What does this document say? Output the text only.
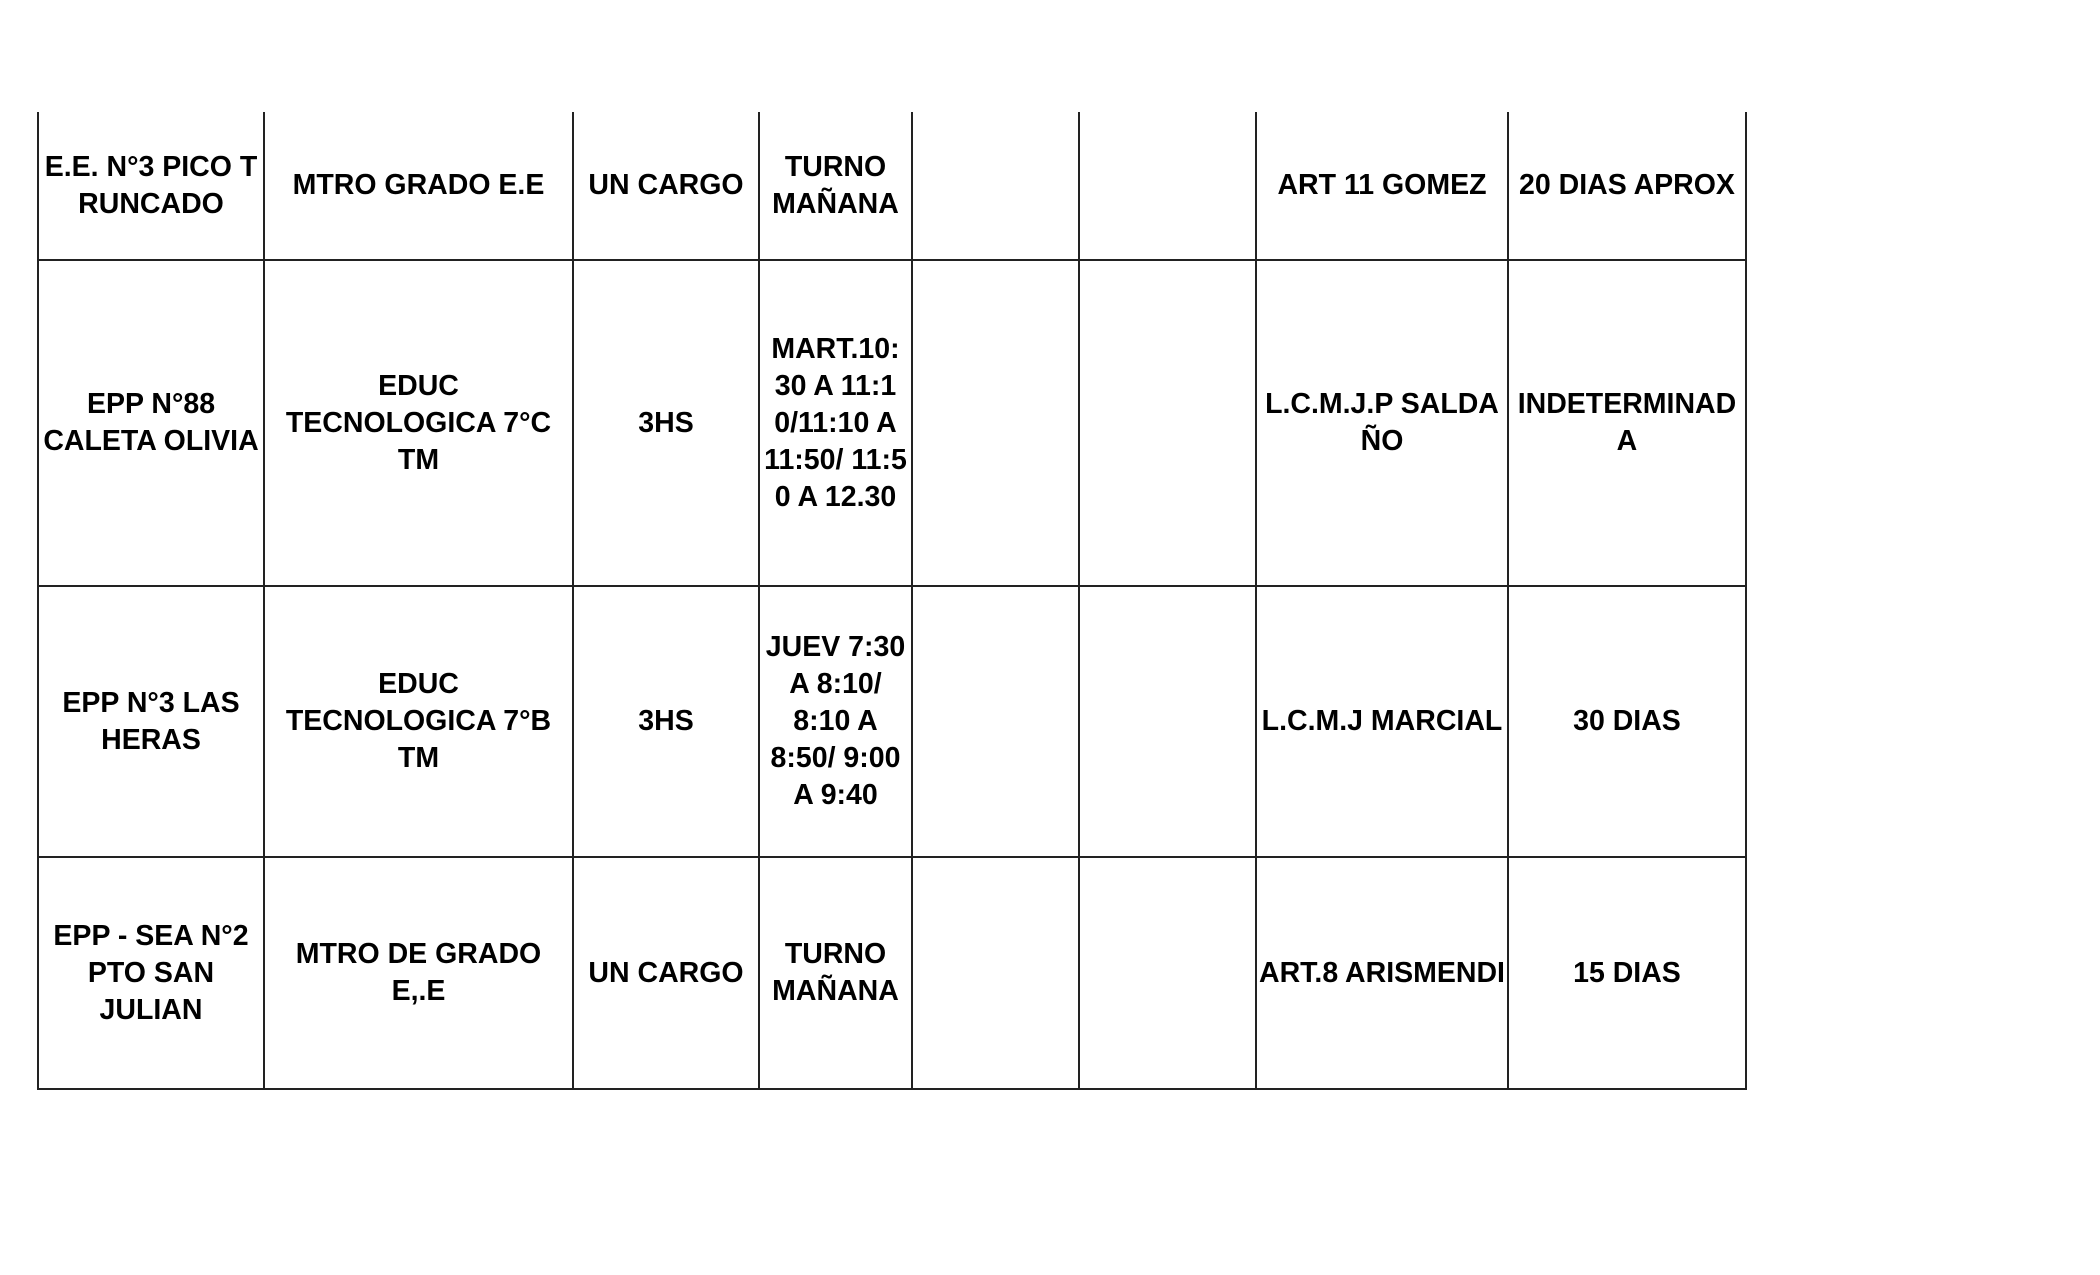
E.E. N°3 PICO TRUNCADO	MTRO GRADO E.E	UN CARGO	TURNO MAÑANA			ART 11 GOMEZ	20 DIAS APROX
EPP N°88 CALETA OLIVIA	EDUC TECNOLOGICA 7°C TM	3HS	MART.10:30 A 11:10/11:10 A 11:50/ 11:50 A 12.30			L.C.M.J.P SALDAÑO	INDETERMINADA
EPP N°3 LAS HERAS	EDUC TECNOLOGICA 7°B TM	3HS	JUEV 7:30 A 8:10/ 8:10 A 8:50/ 9:00 A 9:40			L.C.M.J MARCIAL	30 DIAS
EPP - SEA N°2 PTO SAN JULIAN	MTRO DE GRADO E,.E	UN CARGO	TURNO MAÑANA			ART.8 ARISMENDI	15 DIAS
